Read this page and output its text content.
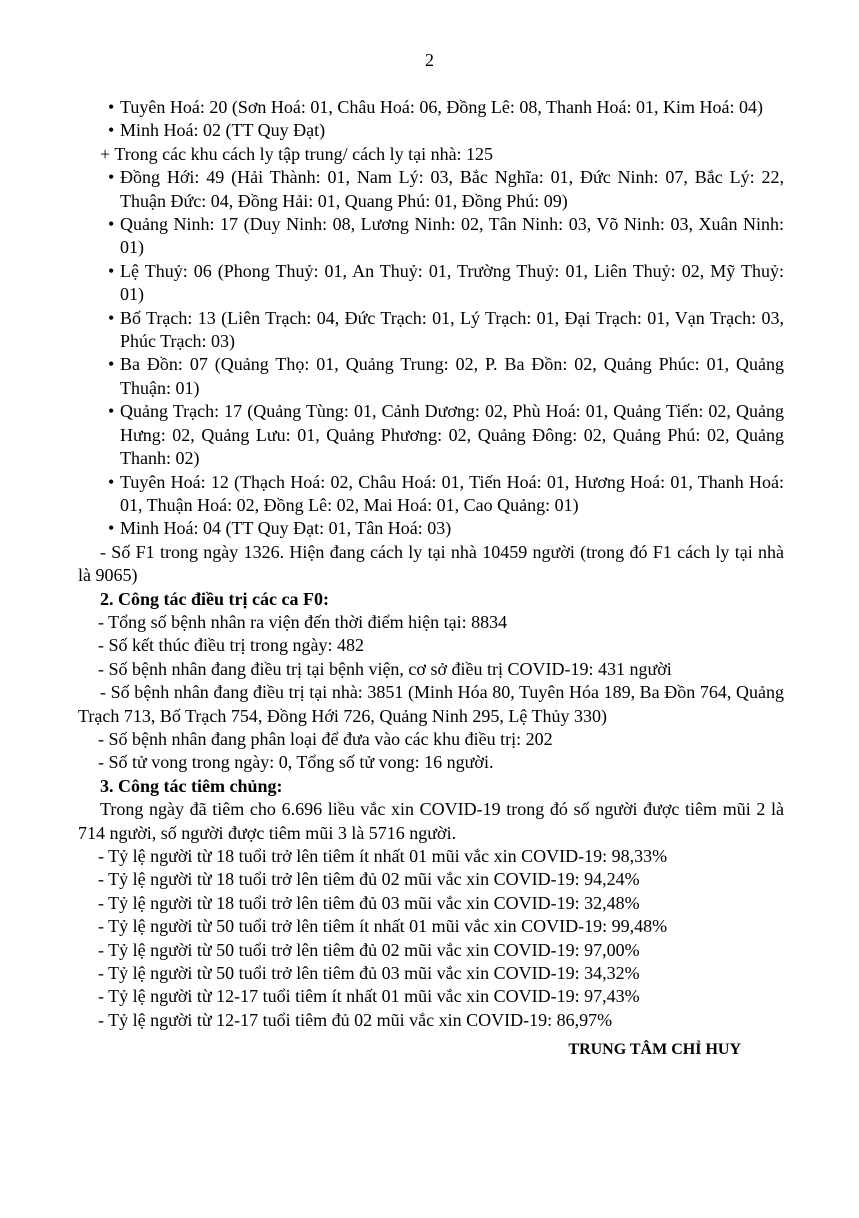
2
• Tuyên Hoá: 20 (Sơn Hoá: 01, Châu Hoá: 06, Đồng Lê: 08, Thanh Hoá: 01, Kim Hoá: 04)
• Minh Hoá: 02 (TT Quy Đạt)
+ Trong các khu cách ly tập trung/ cách ly tại nhà: 125
• Đồng Hới: 49 (Hải Thành: 01, Nam Lý: 03, Bắc Nghĩa: 01, Đức Ninh: 07, Bắc Lý: 22, Thuận Đức: 04, Đồng Hải: 01, Quang Phú: 01, Đồng Phú: 09)
• Quảng Ninh: 17 (Duy Ninh: 08, Lương Ninh: 02, Tân Ninh: 03, Võ Ninh: 03, Xuân Ninh: 01)
• Lệ Thuỷ: 06 (Phong Thuỷ: 01, An Thuỷ: 01, Trường Thuỷ: 01, Liên Thuỷ: 02, Mỹ Thuỷ: 01)
• Bố Trạch: 13 (Liên Trạch: 04, Đức Trạch: 01, Lý Trạch: 01, Đại Trạch: 01, Vạn Trạch: 03, Phúc Trạch: 03)
• Ba Đồn: 07 (Quảng Thọ: 01, Quảng Trung: 02, P. Ba Đồn: 02, Quảng Phúc: 01, Quảng Thuận: 01)
• Quảng Trạch: 17 (Quảng Tùng: 01, Cảnh Dương: 02, Phù Hoá: 01, Quảng Tiến: 02, Quảng Hưng: 02, Quảng Lưu: 01, Quảng Phương: 02, Quảng Đông: 02, Quảng Phú: 02, Quảng Thanh: 02)
• Tuyên Hoá: 12 (Thạch Hoá: 02, Châu Hoá: 01, Tiến Hoá: 01, Hương Hoá: 01, Thanh Hoá: 01, Thuận Hoá: 02, Đồng Lê: 02, Mai Hoá: 01, Cao Quảng: 01)
• Minh Hoá: 04 (TT Quy Đạt: 01, Tân Hoá: 03)
- Số F1 trong ngày 1326. Hiện đang cách ly tại nhà 10459 người (trong đó F1 cách ly tại nhà là 9065)
2. Công tác điều trị các ca F0:
- Tổng số bệnh nhân ra viện đến thời điểm hiện tại: 8834
- Số kết thúc điều trị trong ngày: 482
- Số bệnh nhân đang điều trị tại bệnh viện, cơ sở điều trị COVID-19: 431 người
- Số bệnh nhân đang điều trị tại nhà: 3851 (Minh Hóa 80, Tuyên Hóa 189, Ba Đồn 764, Quảng Trạch 713, Bố Trạch 754, Đồng Hới 726, Quảng Ninh 295, Lệ Thủy 330)
- Số bệnh nhân đang phân loại để đưa vào các khu điều trị: 202
- Số tử vong trong ngày: 0, Tổng số tử vong: 16 người.
3. Công tác tiêm chủng:
Trong ngày đã tiêm cho 6.696 liều vắc xin COVID-19 trong đó số người được tiêm mũi 2 là 714 người, số người được tiêm mũi 3 là 5716 người.
- Tỷ lệ người từ 18 tuổi trở lên tiêm ít nhất 01 mũi vắc xin COVID-19: 98,33%
- Tỷ lệ người từ 18 tuổi trở lên tiêm đủ 02 mũi vắc xin COVID-19: 94,24%
- Tỷ lệ người từ 18 tuổi trở lên tiêm đủ 03 mũi vắc xin COVID-19: 32,48%
- Tỷ lệ người từ 50 tuổi trở lên tiêm ít nhất 01 mũi vắc xin COVID-19: 99,48%
- Tỷ lệ người từ 50 tuổi trở lên tiêm đủ 02 mũi vắc xin COVID-19: 97,00%
- Tỷ lệ người từ 50 tuổi trở lên tiêm đủ 03 mũi vắc xin COVID-19: 34,32%
- Tỷ lệ người từ 12-17 tuổi tiêm ít nhất 01 mũi vắc xin COVID-19: 97,43%
- Tỷ lệ người từ 12-17 tuổi tiêm đủ 02 mũi vắc xin COVID-19: 86,97%
TRUNG TÂM CHỈ HUY
